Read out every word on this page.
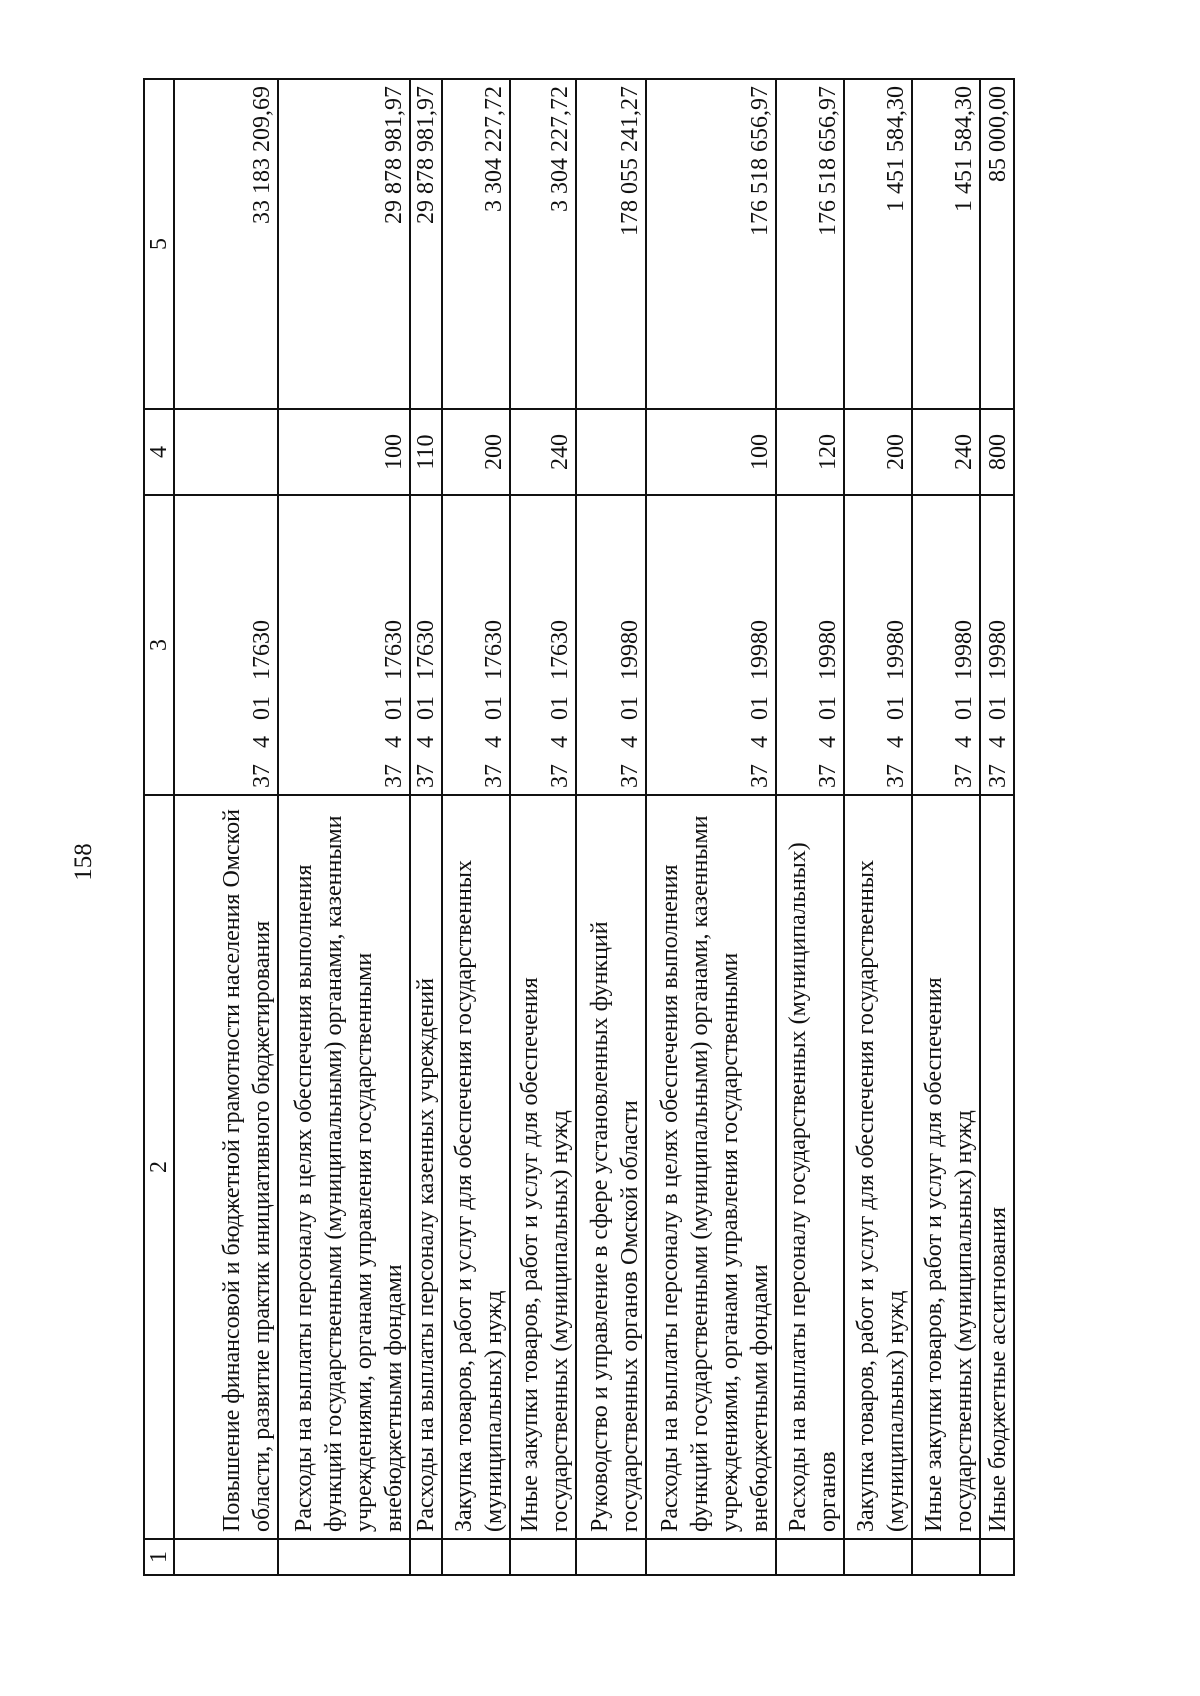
158
1	2	3	4	5
	Повышение финансовой и бюджетной грамотности населения Омской области, развитие практик инициативного бюджетирования	37 4 01 17630		33 183 209,69
	Расходы на выплаты персоналу в целях обеспечения выполнения функций государственными (муниципальными) органами, казенными учреждениями, органами управления государственными внебюджетными фондами	37 4 01 17630	100	29 878 981,97
	Расходы на выплаты персоналу казенных учреждений	37 4 01 17630	110	29 878 981,97
	Закупка товаров, работ и услуг для обеспечения государственных (муниципальных) нужд	37 4 01 17630	200	3 304 227,72
	Иные закупки товаров, работ и услуг для обеспечения государственных (муниципальных) нужд	37 4 01 17630	240	3 304 227,72
	Руководство и управление в сфере установленных функций государственных органов Омской области	37 4 01 19980		178 055 241,27
	Расходы на выплаты персоналу в целях обеспечения выполнения функций государственными (муниципальными) органами, казенными учреждениями, органами управления государственными внебюджетными фондами	37 4 01 19980	100	176 518 656,97
	Расходы на выплаты персоналу государственных (муниципальных) органов	37 4 01 19980	120	176 518 656,97
	Закупка товаров, работ и услуг для обеспечения государственных (муниципальных) нужд	37 4 01 19980	200	1 451 584,30
	Иные закупки товаров, работ и услуг для обеспечения государственных (муниципальных) нужд	37 4 01 19980	240	1 451 584,30
	Иные бюджетные ассигнования	37 4 01 19980	800	85 000,00
